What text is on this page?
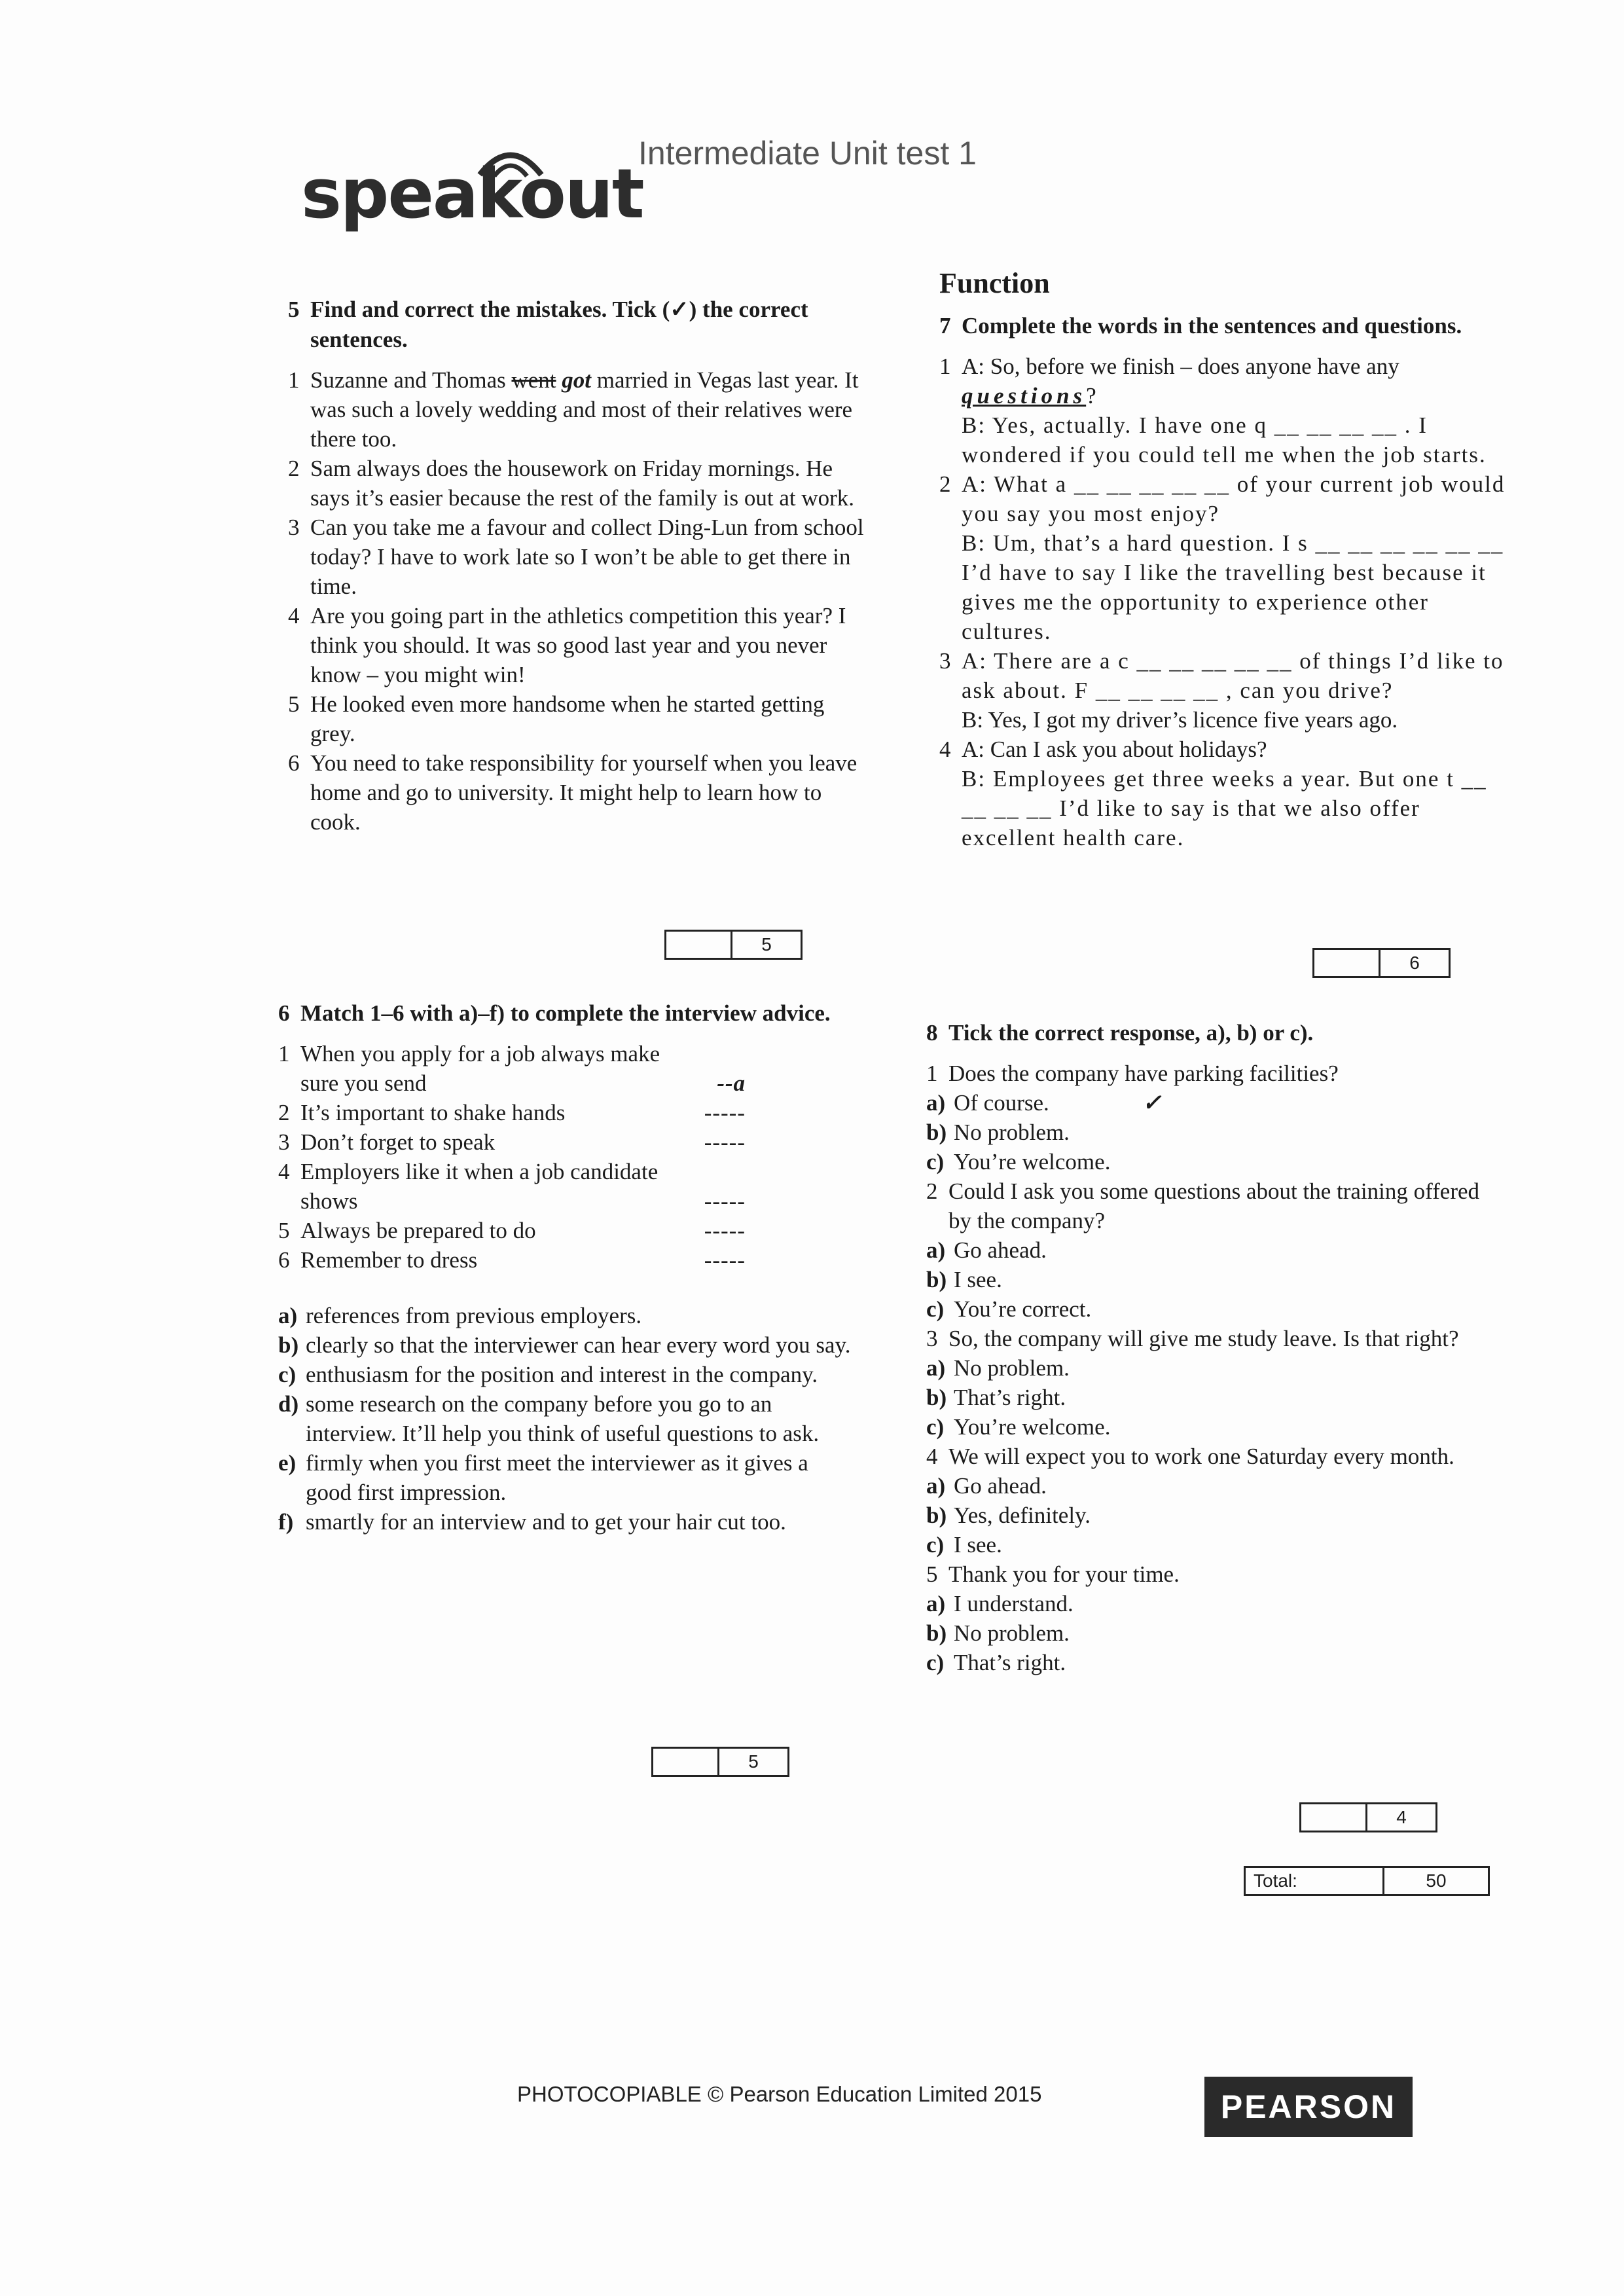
speakout
Intermediate Unit test 1
5 Find and correct the mistakes. Tick (✓) the correct sentences.
1 Suzanne and Thomas went got married in Vegas last year. It was such a lovely wedding and most of their relatives were there too.
2 Sam always does the housework on Friday mornings. He says it’s easier because the rest of the family is out at work.
3 Can you take me a favour and collect Ding-Lun from school today? I have to work late so I won’t be able to get there in time.
4 Are you going part in the athletics competition this year? I think you should. It was so good last year and you never know – you might win!
5 He looked even more handsome when he started getting grey.
6 You need to take responsibility for yourself when you leave home and go to university. It might help to learn how to cook.
5
6 Match 1–6 with a)–f) to complete the interview advice.
1 When you apply for a job always make sure you send	--a
2 It’s important to shake hands	-----
3 Don’t forget to speak	-----
4 Employers like it when a job candidate shows	-----
5 Always be prepared to do	-----
6 Remember to dress	-----
a) references from previous employers.
b) clearly so that the interviewer can hear every word you say.
c) enthusiasm for the position and interest in the company.
d) some research on the company before you go to an interview. It’ll help you think of useful questions to ask.
e) firmly when you first meet the interviewer as it gives a good first impression.
f) smartly for an interview and to get your hair cut too.
5
Function
7 Complete the words in the sentences and questions.
1 A: So, before we finish – does anyone have any
questions?
B: Yes, actually. I have one q __ __ __ __ . I wondered if you could tell me when the job starts.
2 A: What a __ __ __ __ __ of your current job would you say you most enjoy?
B: Um, that’s a hard question. I s __ __ __ __ __ __ I’d have to say I like the travelling best because it gives me the opportunity to experience other cultures.
3 A: There are a c __ __ __ __ __ of things I’d like to ask about. F __ __ __ __ , can you drive?
B: Yes, I got my driver’s licence five years ago.
4 A: Can I ask you about holidays?
B: Employees get three weeks a year. But one t __ __ __ __ I’d like to say is that we also offer excellent health care.
6
8 Tick the correct response, a), b) or c).
1 Does the company have parking facilities?
a) Of course.	✓
b) No problem.
c) You’re welcome.
2 Could I ask you some questions about the training offered by the company?
a) Go ahead.
b) I see.
c) You’re correct.
3 So, the company will give me study leave. Is that right?
a) No problem.
b) That’s right.
c) You’re welcome.
4 We will expect you to work one Saturday every month.
a) Go ahead.
b) Yes, definitely.
c) I see.
5 Thank you for your time.
a) I understand.
b) No problem.
c) That’s right.
4
Total:	50
PHOTOCOPIABLE © Pearson Education Limited 2015	PEARSON
